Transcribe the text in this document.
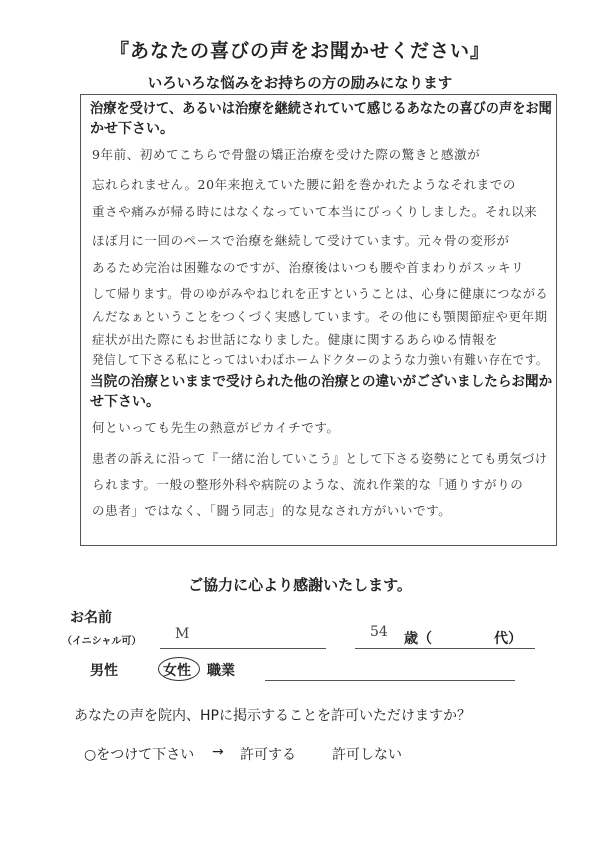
『あなたの喜びの声をお聞かせください』
いろいろな悩みをお持ちの方の励みになります
治療を受けて、あるいは治療を継続されていて感じるあなたの喜びの声をお聞
かせ下さい。
9年前、初めてこちらで骨盤の矯正治療を受けた際の驚きと感激が
忘れられません。20年来抱えていた腰に鉛を巻かれたようなそれまでの
重さや痛みが帰る時にはなくなっていて本当にびっくりしました。それ以来
ほぼ月に一回のペースで治療を継続して受けています。元々骨の変形が
あるため完治は困難なのですが、治療後はいつも腰や首まわりがスッキリ
して帰ります。骨のゆがみやねじれを正すということは、心身に健康につながる
んだなぁということをつくづく実感しています。その他にも顎関節症や更年期
症状が出た際にもお世話になりました。健康に関するあらゆる情報を
発信して下さる私にとってはいわばホームドクターのような力強い有難い存在です。
当院の治療といままで受けられた他の治療との違いがございましたらお聞か
せ下さい。
何といっても先生の熱意がピカイチです。
患者の訴えに沿って『一緒に治していこう』として下さる姿勢にとても勇気づけ
られます。一般の整形外科や病院のような、流れ作業的な「通りすがりの
の患者」ではなく、「闘う同志」的な見なされ方がいいです。
ご協力に心より感謝いたします。
お名前
（イニシャル可） M	54 歳（	代）
男性	女性 職業
あなたの声を院内、HPに掲示することを許可いただけますか？
○をつけて下さい → 許可する	許可しない
